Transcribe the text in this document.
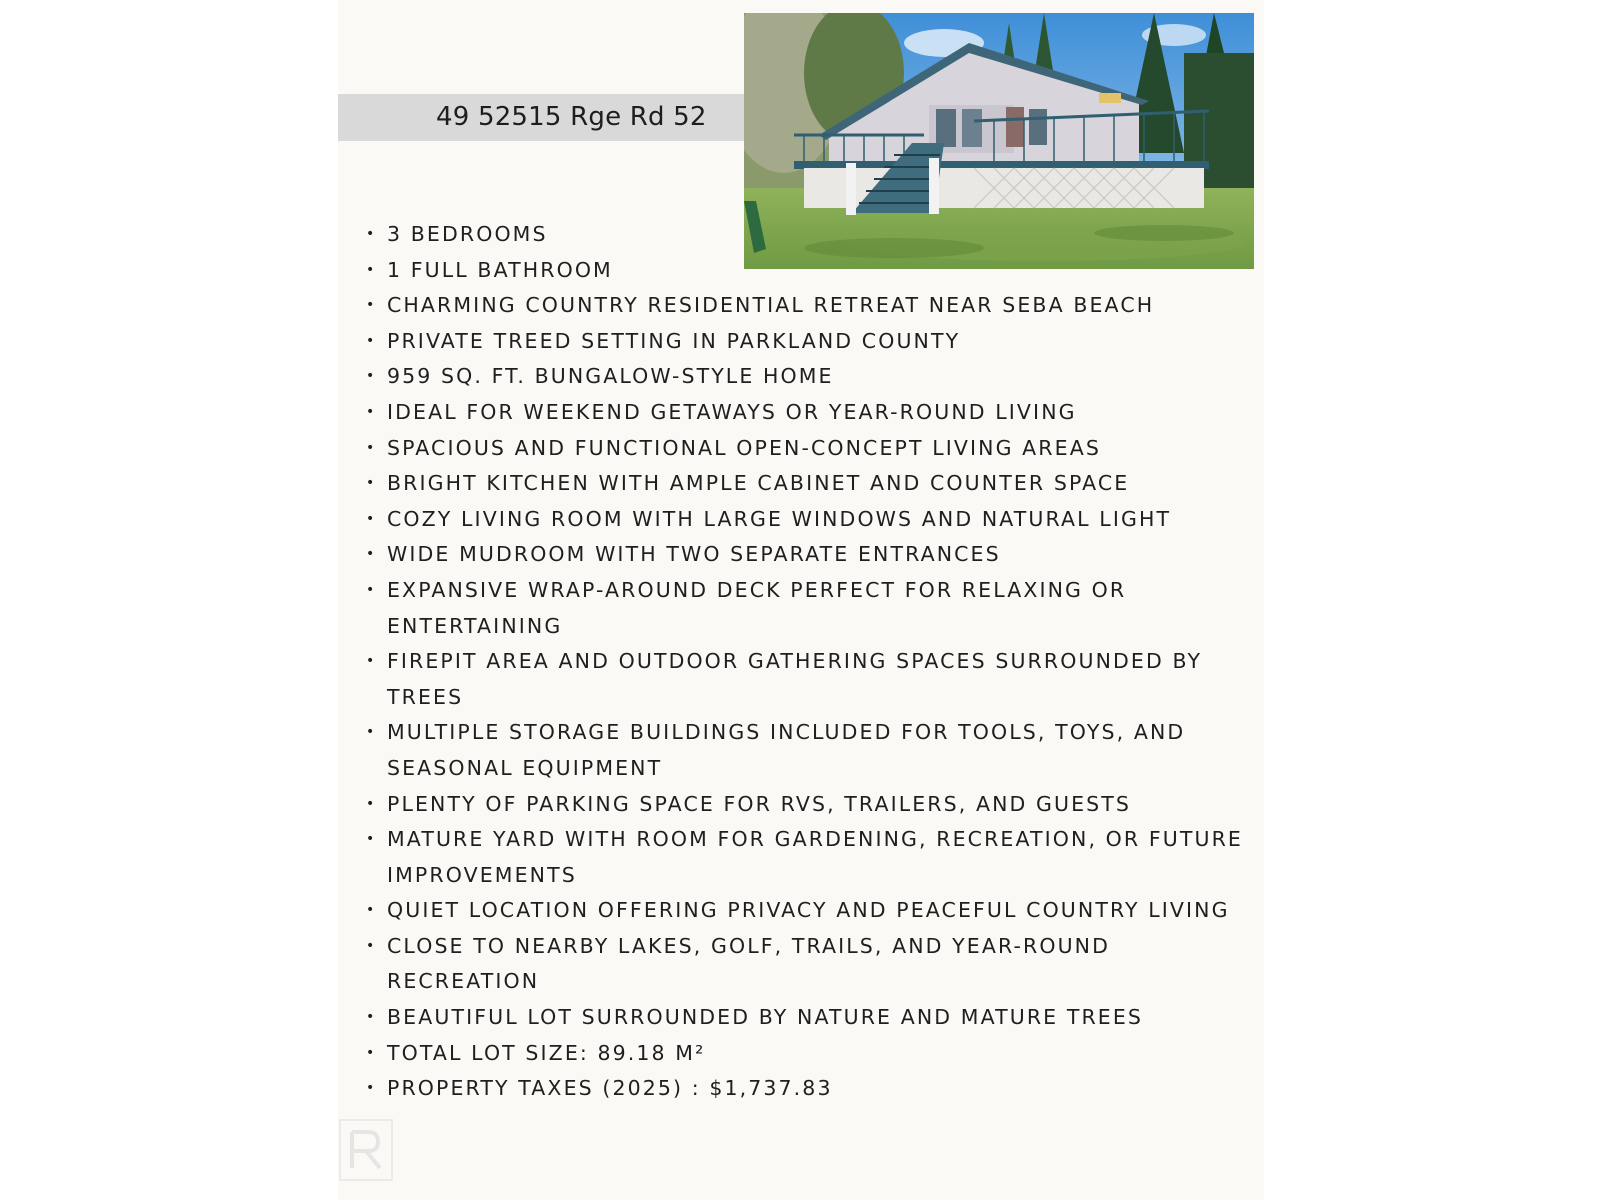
49 52515 Rge Rd 52
• 3 BEDROOMS
• 1 FULL BATHROOM
• CHARMING COUNTRY RESIDENTIAL RETREAT NEAR SEBA BEACH
• PRIVATE TREED SETTING IN PARKLAND COUNTY
• 959 SQ. FT. BUNGALOW-STYLE HOME
• IDEAL FOR WEEKEND GETAWAYS OR YEAR-ROUND LIVING
• SPACIOUS AND FUNCTIONAL OPEN-CONCEPT LIVING AREAS
• BRIGHT KITCHEN WITH AMPLE CABINET AND COUNTER SPACE
• COZY LIVING ROOM WITH LARGE WINDOWS AND NATURAL LIGHT
• WIDE MUDROOM WITH TWO SEPARATE ENTRANCES
• EXPANSIVE WRAP-AROUND DECK PERFECT FOR RELAXING OR
ENTERTAINING
• FIREPIT AREA AND OUTDOOR GATHERING SPACES SURROUNDED BY
TREES
• MULTIPLE STORAGE BUILDINGS INCLUDED FOR TOOLS, TOYS, AND
SEASONAL EQUIPMENT
• PLENTY OF PARKING SPACE FOR RVS, TRAILERS, AND GUESTS
• MATURE YARD WITH ROOM FOR GARDENING, RECREATION, OR FUTURE
IMPROVEMENTS
• QUIET LOCATION OFFERING PRIVACY AND PEACEFUL COUNTRY LIVING
• CLOSE TO NEARBY LAKES, GOLF, TRAILS, AND YEAR-ROUND
RECREATION
• BEAUTIFUL LOT SURROUNDED BY NATURE AND MATURE TREES
• TOTAL LOT SIZE: 89.18 M²
• PROPERTY TAXES (2025) : $1,737.83
